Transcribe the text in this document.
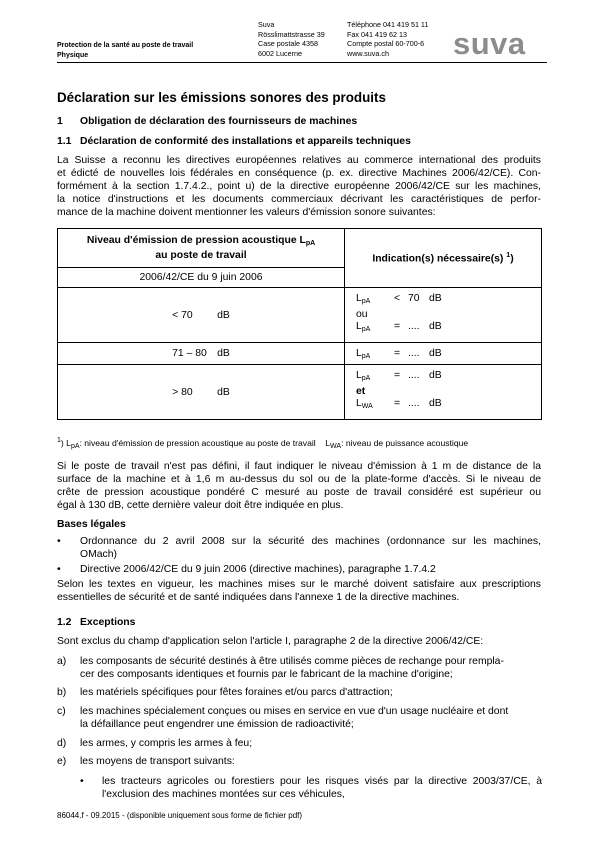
Protection de la santé au poste de travail
Physique
Suva
Rösslimattstrasse 39
Case postale 4358
6002 Lucerne
Téléphone 041 419 51 11
Fax 041 419 62 13
Compte postal 60-700-6
www.suva.ch	suva
Déclaration sur les émissions sonores des produits
1 Obligation de déclaration des fournisseurs de machines
1.1 Déclaration de conformité des installations et appareils techniques
La Suisse a reconnu les directives européennes relatives au commerce international des produits
et édicté de nouvelles lois fédérales en conséquence (p. ex. directive Machines 2006/42/CE). Con-
formément à la section 1.7.4.2., point u) de la directive européenne 2006/42/CE sur les machines,
la notice d'instructions et les documents commerciaux décrivant les caractéristiques de perfor-
mance de la machine doivent mentionner les valeurs d'émission sonore suivantes:
Niveau d'émission de pression acoustique $L_{pA}$
au poste de travail	Indication(s) nécessaire(s) $^1$)
2006/42/CE du 9 juin 2006	
< 70 dB	$L_{pA} < 70$ dB
ou
$L_{pA}$ = .... dB

71 – 80 dB	$L_{pA}$ = .... dB

> 80 dB	$L_{pA}$ = .... dB
et
$L_{WA}$ = .... dB
$^1$) $L_{pA}$: niveau d'émission de pression acoustique au poste de travail $L_{WA}$: niveau de puissance acoustique
Si le poste de travail n'est pas défini, il faut indiquer le niveau d'émission à 1 m de distance de la
surface de la machine et à 1,6 m au-dessus du sol ou de la plate-forme d'accès. Si le niveau de
crête de pression acoustique pondéré C mesuré au poste de travail considéré est supérieur ou
égal à 130 dB, cette dernière valeur doit être indiquée en plus.
Bases légales
• Ordonnance du 2 avril 2008 sur la sécurité des machines (ordonnance sur les machines,
OMach)
• Directive 2006/42/CE du 9 juin 2006 (directive machines), paragraphe 1.7.4.2
Selon les textes en vigueur, les machines mises sur le marché doivent satisfaire aux prescriptions
essentielles de sécurité et de santé indiquées dans l'annexe 1 de la directive machines.
1.2 Exceptions
Sont exclus du champ d'application selon l'article I, paragraphe 2 de la directive 2006/42/CE:
a) les composants de sécurité destinés à être utilisés comme pièces de rechange pour rempla-
cer des composants identiques et fournis par le fabricant de la machine d'origine;
b) les matériels spécifiques pour fêtes foraines et/ou parcs d'attraction;
c) les machines spécialement conçues ou mises en service en vue d'un usage nucléaire et dont
la défaillance peut engendrer une émission de radioactivité;
d) les armes, y compris les armes à feu;
e) les moyens de transport suivants:
• les tracteurs agricoles ou forestiers pour les risques visés par la directive 2003/37/CE, à
l'exclusion des machines montées sur ces véhicules,
86044.f - 09.2015 - (disponible uniquement sous forme de fichier pdf)
